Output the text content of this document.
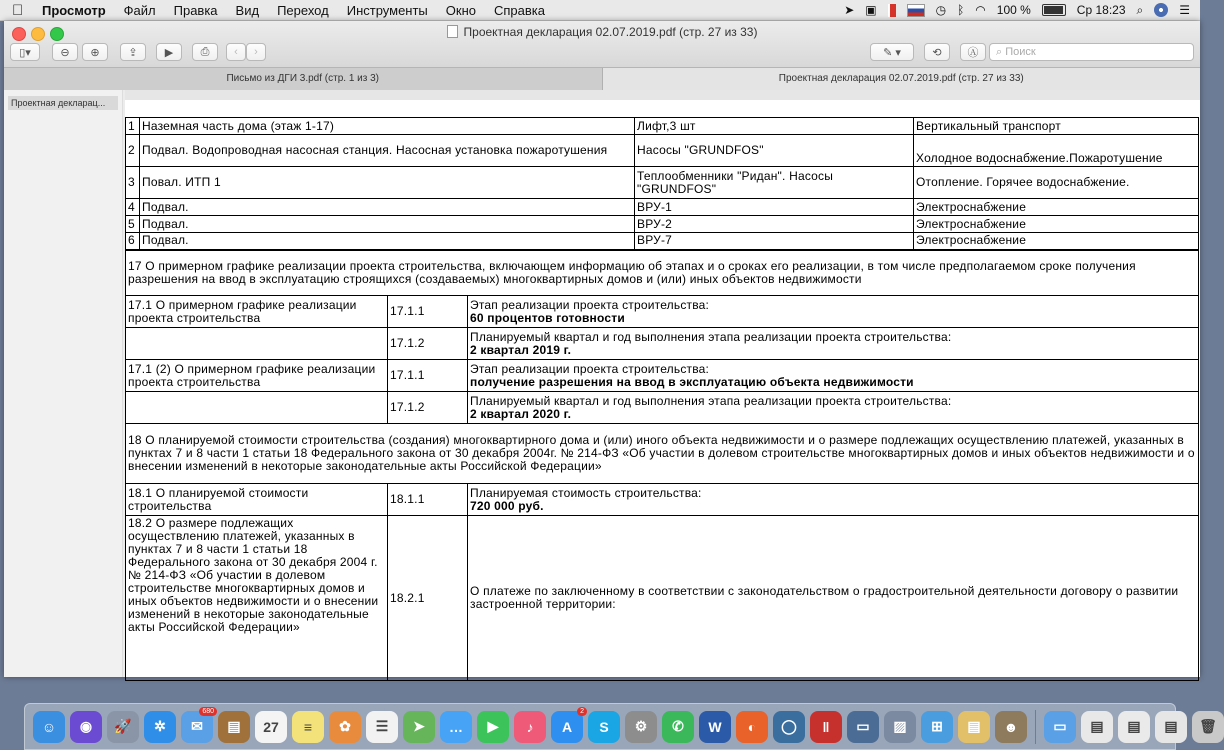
Просмотр Файл Правка Вид Переход Инструменты Окно Справка	➤ ▣	◷ ᛒ ◠ 100 %	Ср 18:23 ⌕	☰
Проектная декларация 02.07.2019.pdf (стр. 27 из 33)
▯▾	⊖	⊕	⇪	▶	⎙	‹	›	✎ ▾	⟲	Ⓐ	⌕ Поиск
Письмо из ДГИ 3.pdf (стр. 1 из 3)	Проектная декларация 02.07.2019.pdf (стр. 27 из 33)
Проектная декларац...
1	Наземная часть дома (этаж 1-17)			Лифт,3 шт	Вертикальный транспорт
2	Подвал. Водопроводная насосная станция. Насосная установка пожаротушения			Насосы "GRUNDFOS"	Холодное водоснабжение.Пожаротушение
3	Повал. ИТП 1			Теплообменники "Ридан". Насосы "GRUNDFOS"	Отопление. Горячее водоснабжение.
4	Подвал.			ВРУ-1	Электроснабжение
5	Подвал.			ВРУ-2	Электроснабжение
6	Подвал.			ВРУ-7	Электроснабжение
17 О примерном графике реализации проекта строительства, включающем информацию об этапах и о сроках его реализации, в том числе предполагаемом сроке получения разрешения на ввод в эксплуатацию строящихся (создаваемых) многоквартирных домов и (или) иных объектов недвижимости					
17.1 О примерном графике реализации проекта строительства		17.1.1	Этап реализации проекта строительства:
60 процентов готовности		
		17.1.2	Планируемый квартал и год выполнения этапа реализации проекта строительства:
2 квартал 2019 г.		
17.1 (2) О примерном графике реализации проекта строительства		17.1.1	Этап реализации проекта строительства:
получение разрешения на ввод в эксплуатацию объекта недвижимости		
		17.1.2	Планируемый квартал и год выполнения этапа реализации проекта строительства:
2 квартал 2020 г.		
18 О планируемой стоимости строительства (создания) многоквартирного дома и (или) иного объекта недвижимости и о размере подлежащих осуществлению платежей, указанных в пунктах 7 и 8 части 1 статьи 18 Федерального закона от 30 декабря 2004г. № 214-ФЗ «Об участии в долевом строительстве многоквартирных домов и иных объектов недвижимости и о внесении изменений в некоторые законодательные акты Российской Федерации»					
18.1 О планируемой стоимости строительства		18.1.1	Планируемая стоимость строительства:
720 000 руб.		
18.2 О размере подлежащих осуществлению платежей, указанных в пунктах 7 и 8 части 1 статьи 18 Федерального закона от 30 декабря 2004 г. № 214-ФЗ «Об участии в долевом строительстве многоквартирных домов и иных объектов недвижимости и о внесении изменений в некоторые законодательные акты Российской Федерации»		18.2.1	О платеже по заключенному в соответствии с законодательством о градостроительной деятельности договору о развитии застроенной территории:		
☺ ◉ 🚀 ✲ ✉
680
▤ 27 ≡ ✿ ☰ ➤ … ▶ ♪ A
2
S ⚙ ✆ W ◐ ◯ ‖ ▭ ▨ ⊞ ▤ ☻	▭ ▤ ▤ ▤ 🗑
